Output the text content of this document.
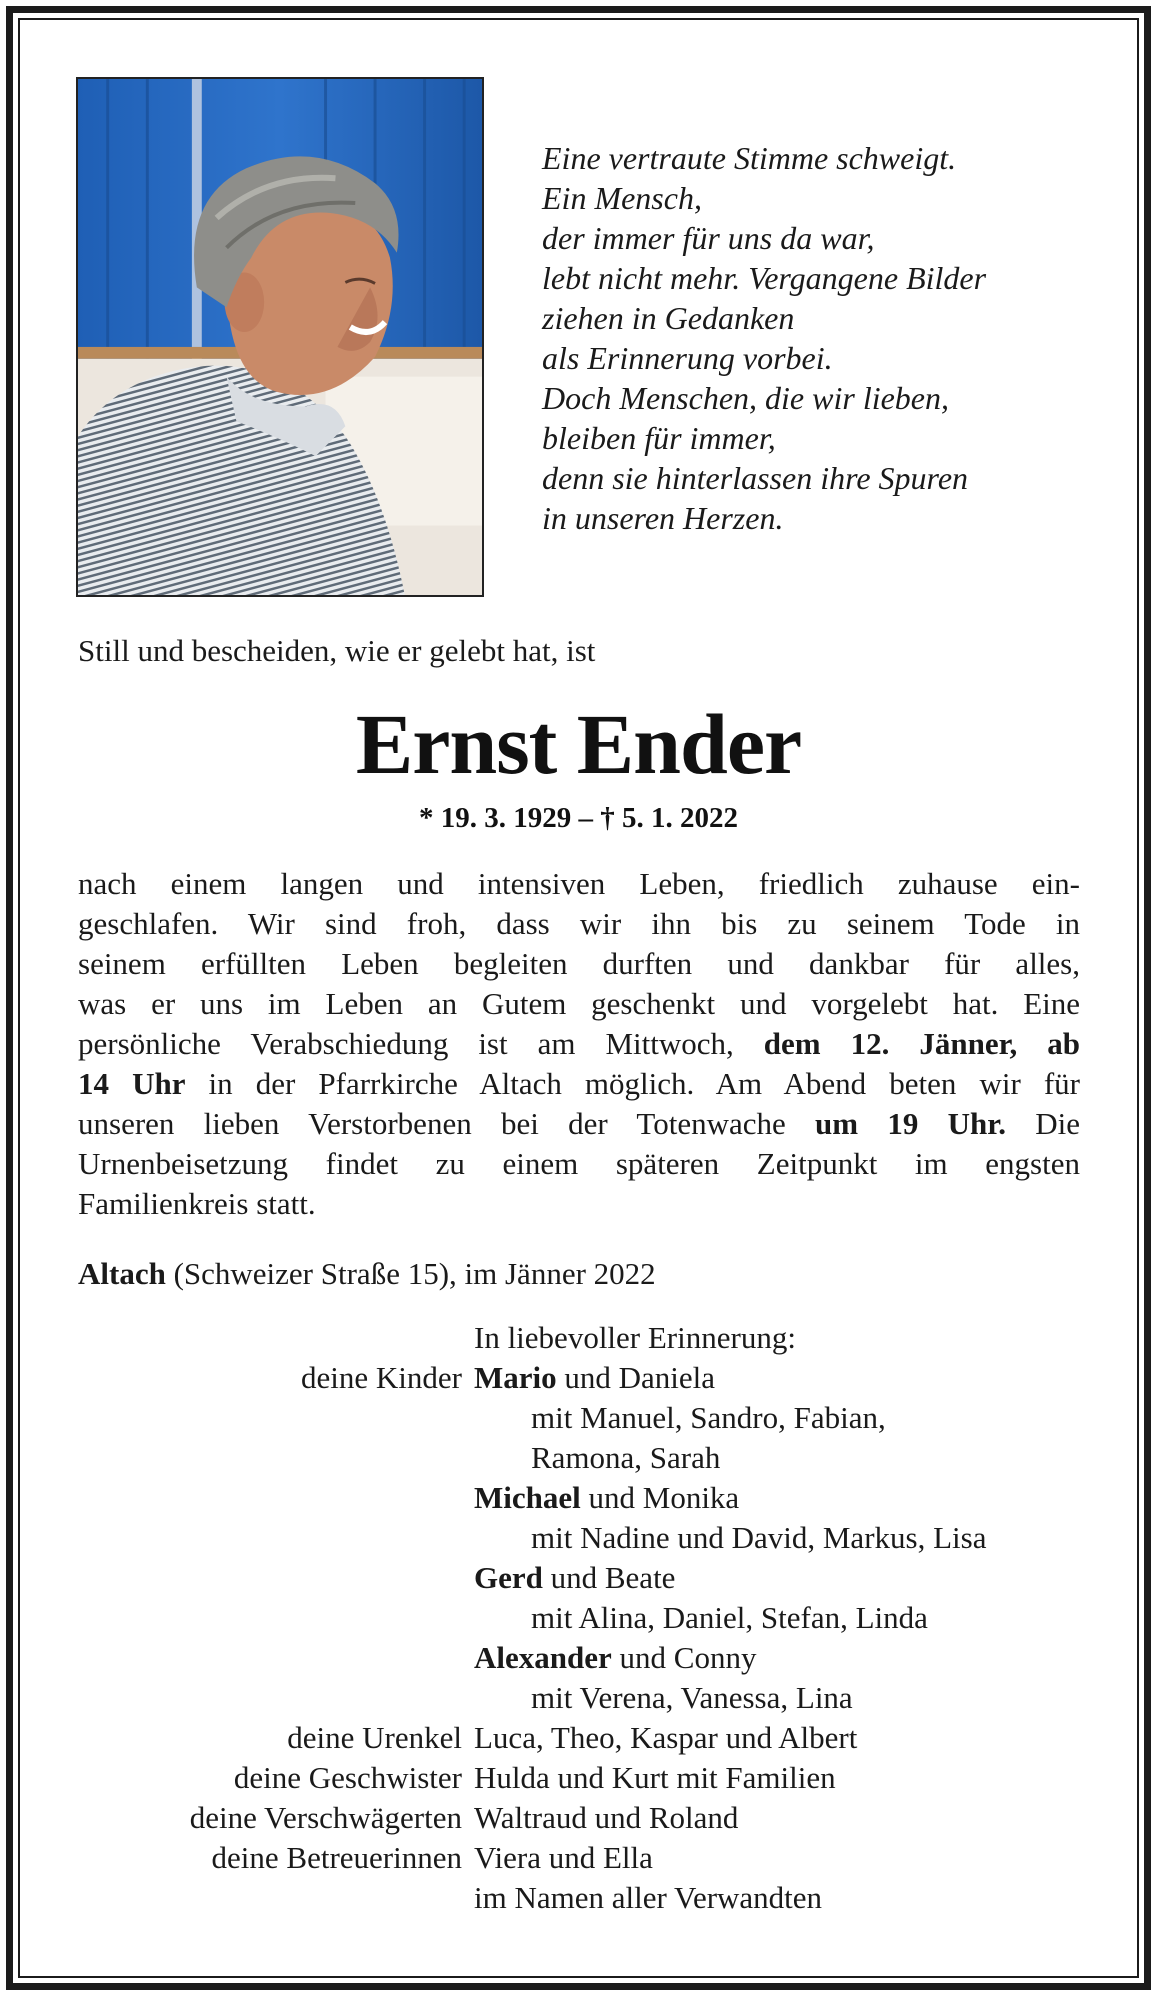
Eine vertraute Stimme schweigt.
Ein Mensch,
der immer für uns da war,
lebt nicht mehr. Vergangene Bilder
ziehen in Gedanken
als Erinnerung vorbei.
Doch Menschen, die wir lieben,
bleiben für immer,
denn sie hinterlassen ihre Spuren
in unseren Herzen.
Still und bescheiden, wie er gelebt hat, ist
Ernst Ender
* 19. 3. 1929 – † 5. 1. 2022
nach einem langen und intensiven Leben, friedlich zuhause ein-
geschlafen. Wir sind froh, dass wir ihn bis zu seinem Tode in
seinem erfüllten Leben begleiten durften und dankbar für alles,
was er uns im Leben an Gutem geschenkt und vorgelebt hat. Eine
persönliche Verabschiedung ist am Mittwoch, dem 12. Jänner, ab
14 Uhr in der Pfarrkirche Altach möglich. Am Abend beten wir für
unseren lieben Verstorbenen bei der Totenwache um 19 Uhr. Die
Urnenbeisetzung findet zu einem späteren Zeitpunkt im engsten
Familienkreis statt.
Altach (Schweizer Straße 15), im Jänner 2022
In liebevoller Erinnerung:
deine Kinder Mario und Daniela
mit Manuel, Sandro, Fabian,
Ramona, Sarah
Michael und Monika
mit Nadine und David, Markus, Lisa
Gerd und Beate
mit Alina, Daniel, Stefan, Linda
Alexander und Conny
mit Verena, Vanessa, Lina
deine Urenkel Luca, Theo, Kaspar und Albert
deine Geschwister Hulda und Kurt mit Familien
deine Verschwägerten Waltraud und Roland
deine Betreuerinnen Viera und Ella
im Namen aller Verwandten
